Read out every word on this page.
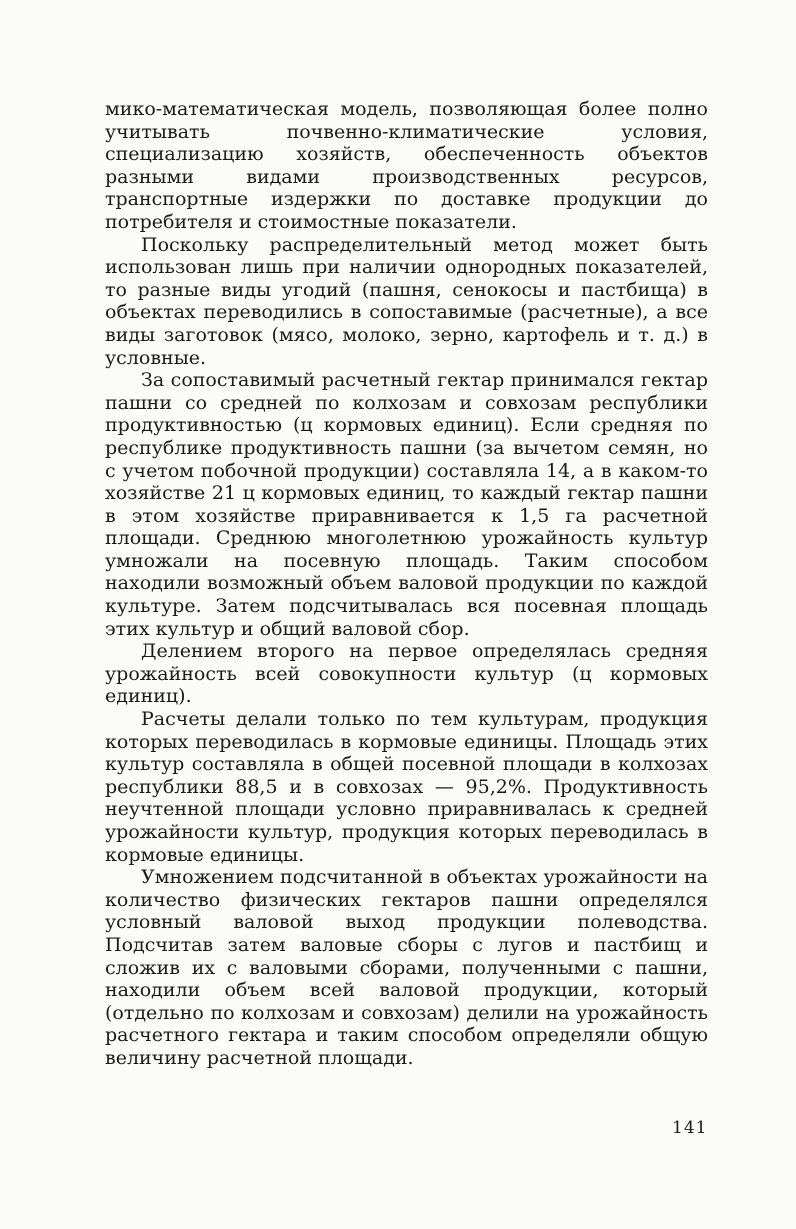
мико-математическая модель, позволяющая более полно учитывать почвенно-климатические условия, специализацию хозяйств, обеспеченность объектов разными видами производственных ресурсов, транспортные издержки по доставке продукции до потребителя и стоимостные показатели.

Поскольку распределительный метод может быть использован лишь при наличии однородных показателей, то разные виды угодий (пашня, сенокосы и пастбища) в объектах переводились в сопоставимые (расчетные), а все виды заготовок (мясо, молоко, зерно, картофель и т. д.) в условные.

За сопоставимый расчетный гектар принимался гектар пашни со средней по колхозам и совхозам республики продуктивностью (ц кормовых единиц). Если средняя по республике продуктивность пашни (за вычетом семян, но с учетом побочной продукции) составляла 14, а в каком-то хозяйстве 21 ц кормовых единиц, то каждый гектар пашни в этом хозяйстве приравнивается к 1,5 га расчетной площади. Среднюю многолетнюю урожайность культур умножали на посевную площадь. Таким способом находили возможный объем валовой продукции по каждой культуре. Затем подсчитывалась вся посевная площадь этих культур и общий валовой сбор.

Делением второго на первое определялась средняя урожайность всей совокупности культур (ц кормовых единиц).

Расчеты делали только по тем культурам, продукция которых переводилась в кормовые единицы. Площадь этих культур составляла в общей посевной площади в колхозах республики 88,5 и в совхозах — 95,2%. Продуктивность неучтенной площади условно приравнивалась к средней урожайности культур, продукция которых переводилась в кормовые единицы.

Умножением подсчитанной в объектах урожайности на количество физических гектаров пашни определялся условный валовой выход продукции полеводства. Подсчитав затем валовые сборы с лугов и пастбищ и сложив их с валовыми сборами, полученными с пашни, находили объем всей валовой продукции, который (отдельно по колхозам и совхозам) делили на урожайность расчетного гектара и таким способом определяли общую величину расчетной площади.

141
